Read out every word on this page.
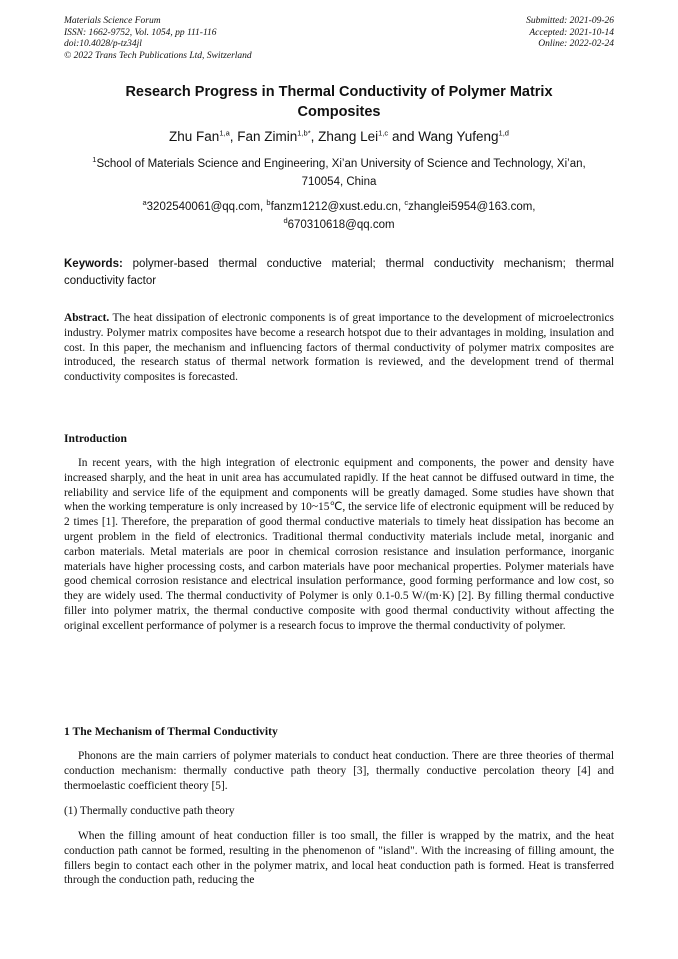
Materials Science Forum
ISSN: 1662-9752, Vol. 1054, pp 111-116
doi:10.4028/p-tz34jl
© 2022 Trans Tech Publications Ltd, Switzerland
Submitted: 2021-09-26
Accepted: 2021-10-14
Online: 2022-02-24
Research Progress in Thermal Conductivity of Polymer Matrix
Composites
Zhu Fan$^{1,a}$, Fan Zimin$^{1,b*}$, Zhang Lei$^{1,c}$ and Wang Yufeng$^{1,d}$
$^1$School of Materials Science and Engineering, Xi’an University of Science and Technology, Xi’an,
710054, China
$^a$3202540061@qq.com, $^b$fanzm1212@xust.edu.cn, $^c$zhanglei5954@163.com,
$^d$670310618@qq.com
Keywords: polymer-based thermal conductive material; thermal conductivity mechanism; thermal conductivity factor

Abstract. The heat dissipation of electronic components is of great importance to the development of microelectronics industry. Polymer matrix composites have become a research hotspot due to their advantages in molding, insulation and cost. In this paper, the mechanism and influencing factors of thermal conductivity of polymer matrix composites are introduced, the research status of thermal network formation is reviewed, and the development trend of thermal conductivity composites is forecasted.

Introduction

In recent years, with the high integration of electronic equipment and components, the power and density have increased sharply, and the heat in unit area has accumulated rapidly. If the heat cannot be diffused outward in time, the reliability and service life of the equipment and components will be greatly damaged. Some studies have shown that when the working temperature is only increased by 10~15℃, the service life of electronic equipment will be reduced by 2 times [1]. Therefore, the preparation of good thermal conductive materials to timely heat dissipation has become an urgent problem in the field of electronics. Traditional thermal conductivity materials include metal, inorganic and carbon materials. Metal materials are poor in chemical corrosion resistance and insulation performance, inorganic materials have higher processing costs, and carbon materials have poor mechanical properties. Polymer materials have good chemical corrosion resistance and electrical insulation performance, good forming performance and low cost, so they are widely used. The thermal conductivity of Polymer is only 0.1-0.5 W/(m·K) [2]. By filling thermal conductive filler into polymer matrix, the thermal conductive composite with good thermal conductivity without affecting the original excellent performance of polymer is a research focus to improve the thermal conductivity of polymer.

1 The Mechanism of Thermal Conductivity

Phonons are the main carriers of polymer materials to conduct heat conduction. There are three theories of thermal conduction mechanism: thermally conductive path theory [3], thermally conductive percolation theory [4] and thermoelastic coefficient theory [5].

(1) Thermally conductive path theory

When the filling amount of heat conduction filler is too small, the filler is wrapped by the matrix, and the heat conduction path cannot be formed, resulting in the phenomenon of "island". With the increasing of filling amount, the fillers begin to contact each other in the polymer matrix, and local heat conduction path is formed. Heat is transferred through the conduction path, reducing the
